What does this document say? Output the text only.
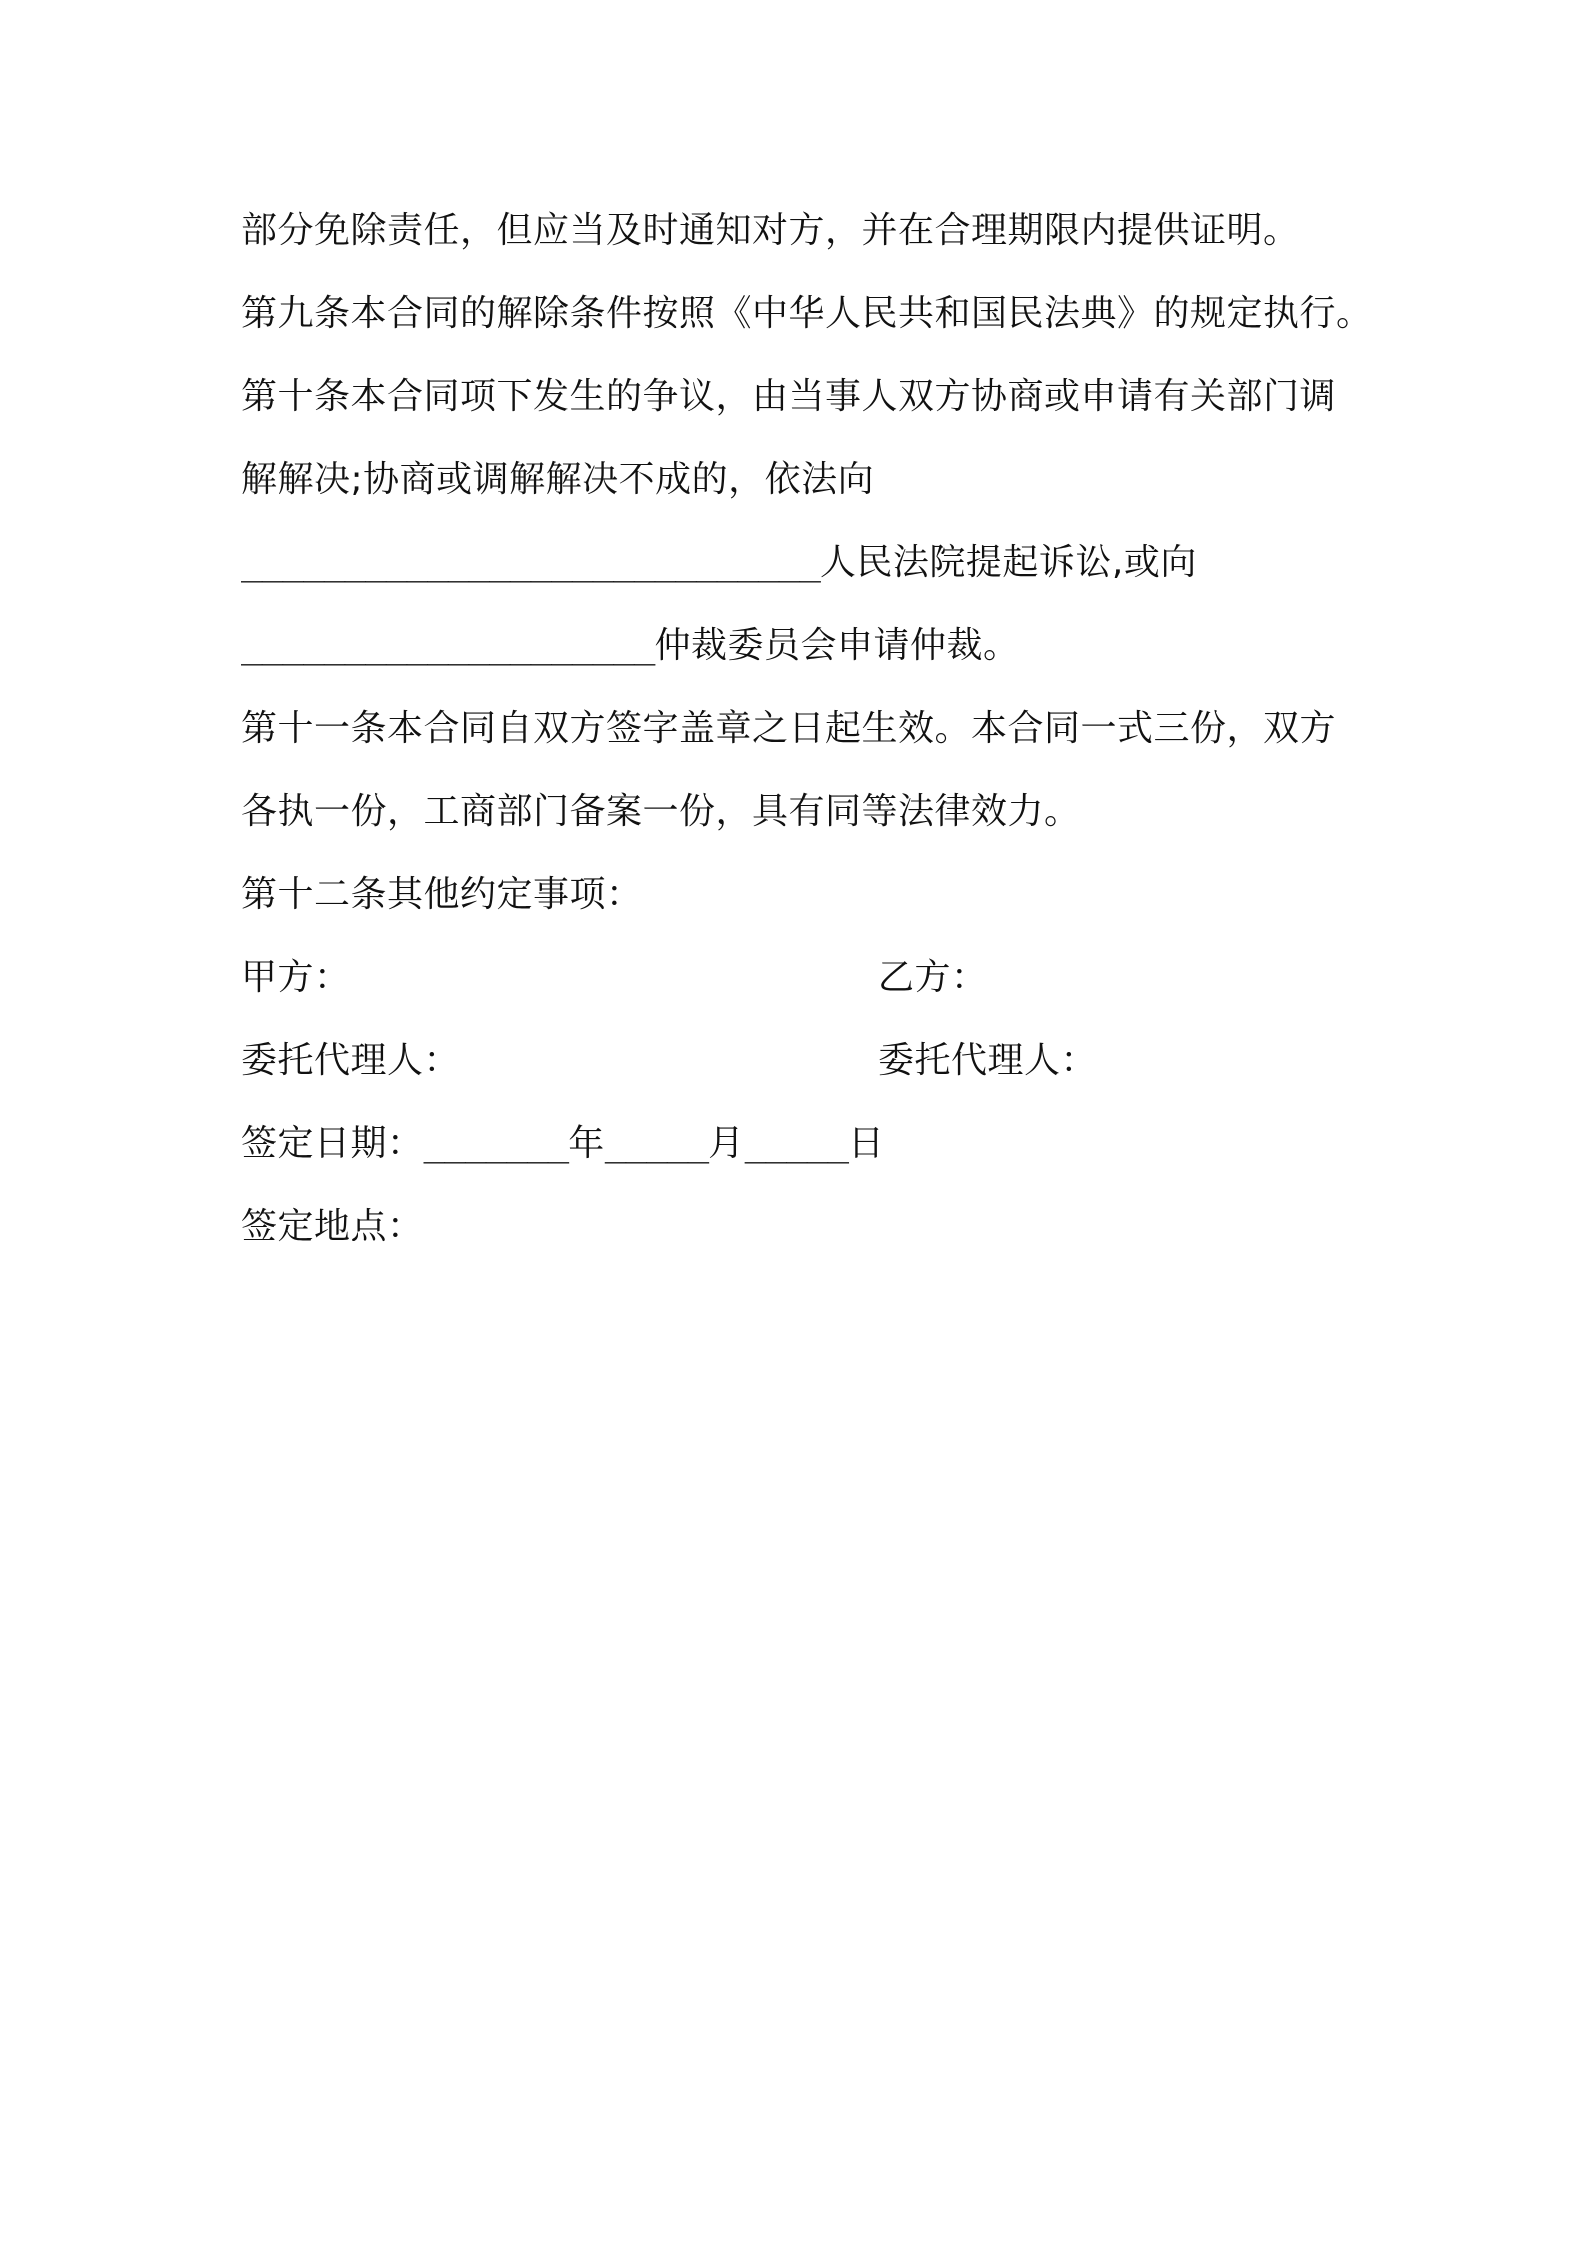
部分免除责任，但应当及时通知对方，并在合理期限内提供证明。
第九条本合同的解除条件按照《中华人民共和国民法典》的规定执行。
第十条本合同项下发生的争议，由当事人双方协商或申请有关部门调
解解决;协商或调解解决不成的，依法向
____________________________人民法院提起诉讼,或向
____________________仲裁委员会申请仲裁。
第十一条本合同自双方签字盖章之日起生效。本合同一式三份，双方
各执一份，工商部门备案一份，具有同等法律效力。
第十二条其他约定事项：
甲方：	乙方：
委托代理人：	委托代理人：
签定日期：_______年_____月_____日
签定地点：
